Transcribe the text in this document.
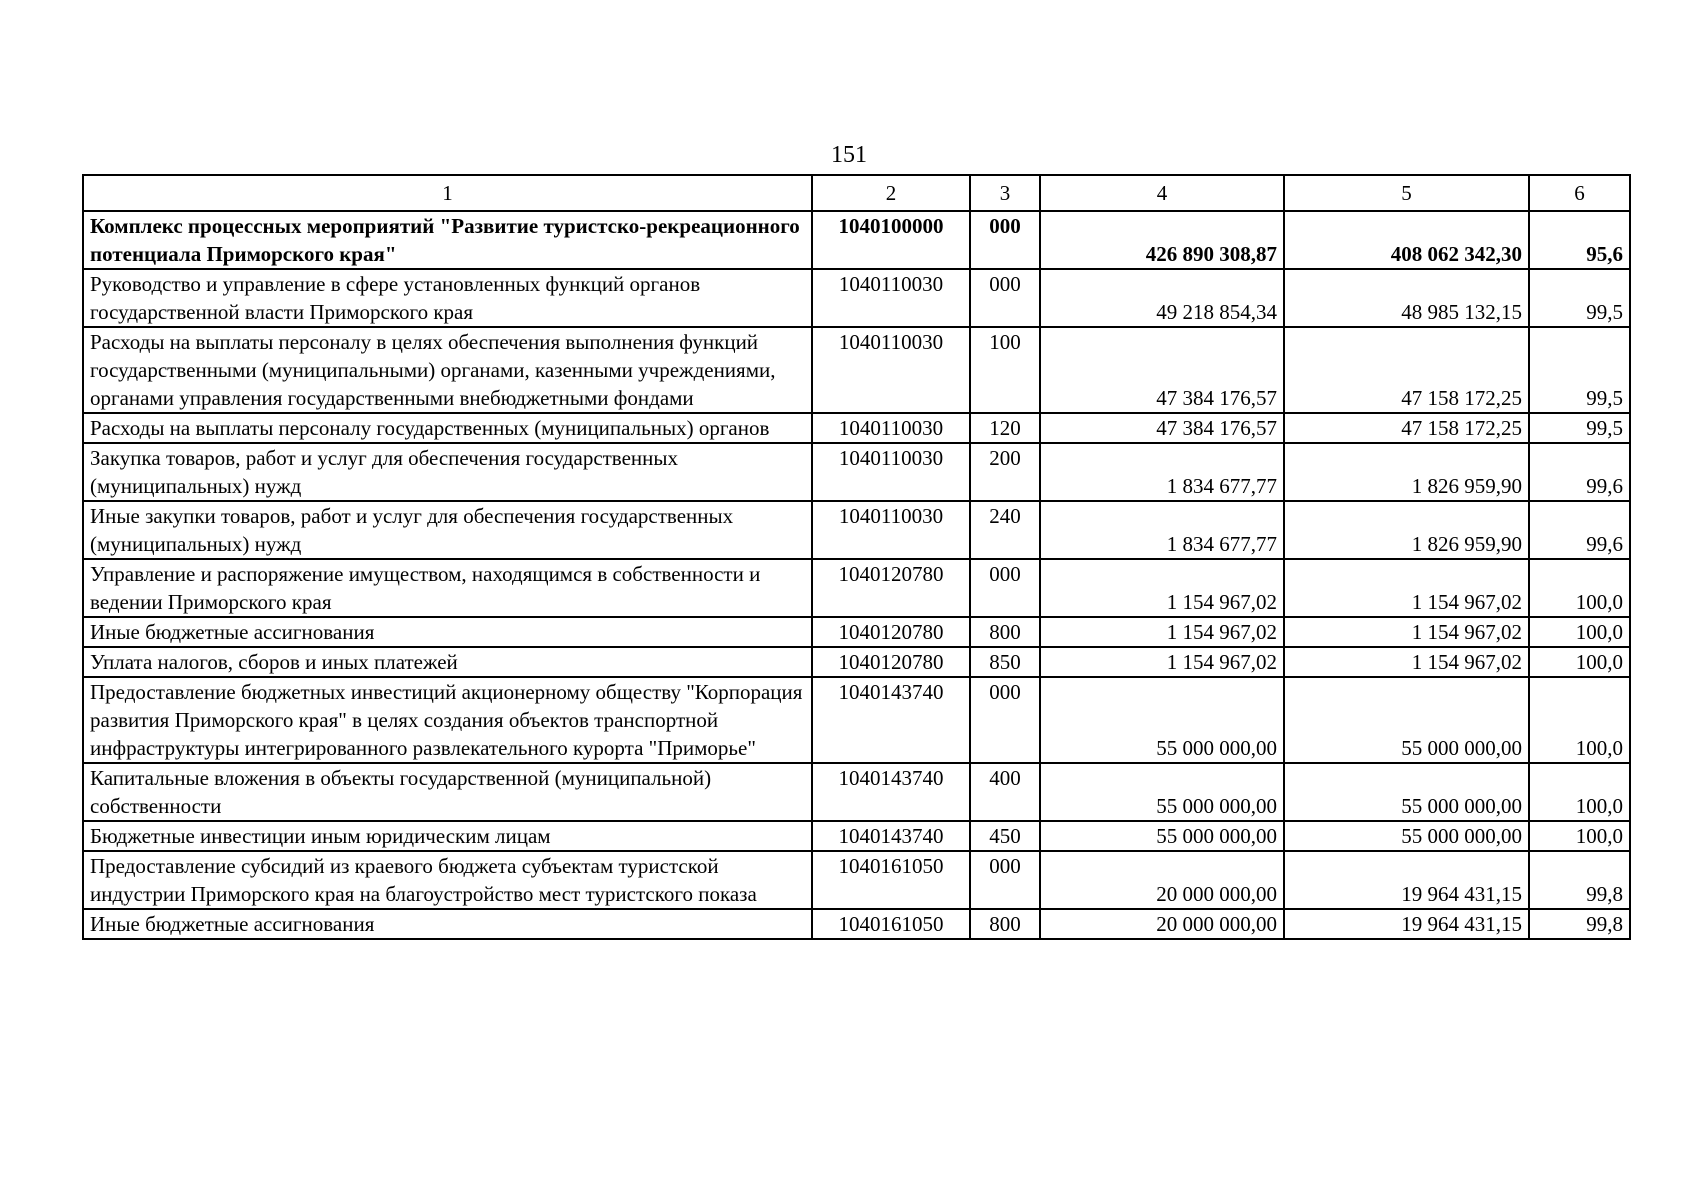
151
1	2	3	4	5	6
Комплекс процессных мероприятий "Развитие туристско-рекреационного потенциала Приморского края"	1040100000	000	426 890 308,87	408 062 342,30	95,6
Руководство и управление в сфере установленных функций органов государственной власти Приморского края	1040110030	000	49 218 854,34	48 985 132,15	99,5
Расходы на выплаты персоналу в целях обеспечения выполнения функций государственными (муниципальными) органами, казенными учреждениями, органами управления государственными внебюджетными фондами	1040110030	100	47 384 176,57	47 158 172,25	99,5
Расходы на выплаты персоналу государственных (муниципальных) органов	1040110030	120	47 384 176,57	47 158 172,25	99,5
Закупка товаров, работ и услуг для обеспечения государственных (муниципальных) нужд	1040110030	200	1 834 677,77	1 826 959,90	99,6
Иные закупки товаров, работ и услуг для обеспечения государственных (муниципальных) нужд	1040110030	240	1 834 677,77	1 826 959,90	99,6
Управление и распоряжение имуществом, находящимся в собственности и ведении Приморского края	1040120780	000	1 154 967,02	1 154 967,02	100,0
Иные бюджетные ассигнования	1040120780	800	1 154 967,02	1 154 967,02	100,0
Уплата налогов, сборов и иных платежей	1040120780	850	1 154 967,02	1 154 967,02	100,0
Предоставление бюджетных инвестиций акционерному обществу "Корпорация развития Приморского края" в целях создания объектов транспортной инфраструктуры интегрированного развлекательного курорта "Приморье"	1040143740	000	55 000 000,00	55 000 000,00	100,0
Капитальные вложения в объекты государственной (муниципальной) собственности	1040143740	400	55 000 000,00	55 000 000,00	100,0
Бюджетные инвестиции иным юридическим лицам	1040143740	450	55 000 000,00	55 000 000,00	100,0
Предоставление субсидий из краевого бюджета субъектам туристской индустрии Приморского края на благоустройство мест туристского показа	1040161050	000	20 000 000,00	19 964 431,15	99,8
Иные бюджетные ассигнования	1040161050	800	20 000 000,00	19 964 431,15	99,8
